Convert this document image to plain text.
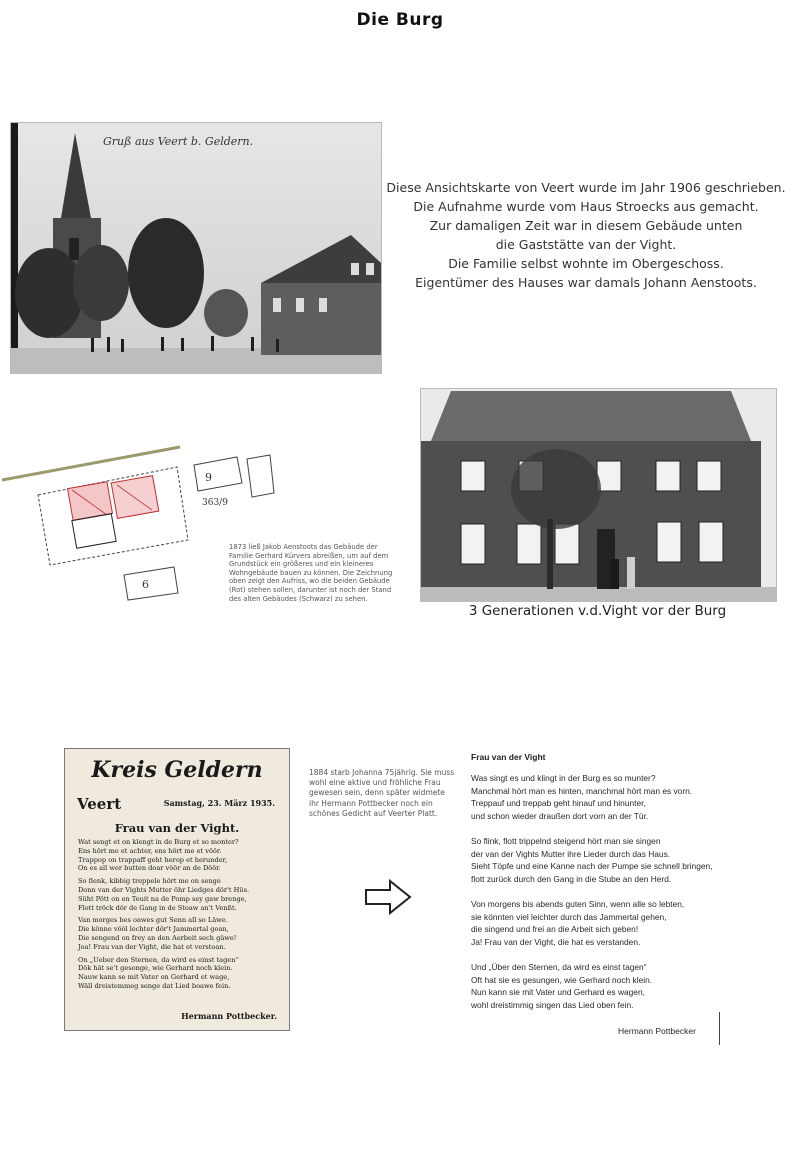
Die Burg
Gruß aus Veert b. Geldern.
Diese Ansichtskarte von Veert wurde im Jahr 1906 geschrieben.
Die Aufnahme wurde vom Haus Stroecks aus gemacht.
Zur damaligen Zeit war in diesem Gebäude unten
die Gaststätte van der Vight.
Die Familie selbst wohnte im Obergeschoss.
Eigentümer des Hauses war damals Johann Aenstoots.
9
363/9
6
1873 ließ Jakob Aenstoots das Gebäude der Familie Gerhard Kürvers abreißen, um auf dem Grundstück ein größeres und ein kleineres Wohngebäude bauen zu können. Die Zeichnung oben zeigt den Aufriss, wo die beiden Gebäude (Rot) stehen sollen, darunter ist noch der Stand des alten Gebäudes (Schwarz) zu sehen.
3 Generationen v.d.Vight vor der Burg
Kreis Geldern
Veert	Samstag, 23. März 1935.
Frau van der Vight.
Wat sengt et on klengt in de Burg et so monter?
Ens hört me et achter, ens hört me et vöör.
Trappop on trappaff geht herop et herunder,
On es all wer butten doar vöör an de Döör.
So flenk, kibbig treppele hört me on senge
Donn van der Vights Mutter öhr Liedges dör't Hüs.
Süht Pött on en Teuit na de Pomp sey gaw brenge,
Flott tröck dör de Gang in de Stoaw an't Venßt.
Van morges bes oawes gut Senn all so Läwe.
Die könne vööl lechter dör't Jammertal goan,
Die sengend on frey an den Aerbeit sech gäwe!
Joa! Frau van der Vight, die hat et verstoan.
On „Ueber den Sternen, da wird es einst tagen“
Dök hät se't gesonge, wie Gerhard noch klein.
Nauw kann se mit Vater on Gerhard et wage,
Wäll dreistemmeg senge dat Lied boawe fein.
Hermann Pottbecker.
1884 starb Johanna 75jährig. Sie muss wohl eine aktive und fröhliche Frau gewesen sein, denn später widmete ihr Hermann Pottbecker noch ein schönes Gedicht auf Veerter Platt.
Frau van der Vight
Was singt es und klingt in der Burg es so munter?
Manchmal hört man es hinten, manchmal hört man es vorn.
Treppauf und treppab geht hinauf und hinunter,
und schon wieder draußen dort vorn an der Tür.
So flink, flott trippelnd steigend hört man sie singen
der van der Vights Mutter ihre Lieder durch das Haus.
Sieht Töpfe und eine Kanne nach der Pumpe sie schnell bringen,
flott zurück durch den Gang in die Stube an den Herd.
Von morgens bis abends guten Sinn, wenn alle so lebten,
sie könnten viel leichter durch das Jammertal gehen,
die singend und frei an die Arbeit sich geben!
Ja! Frau van der Vight, die hat es verstanden.
Und „Über den Sternen, da wird es einst tagen“
Oft hat sie es gesungen, wie Gerhard noch klein.
Nun kann sie mit Vater und Gerhard es wagen,
wohl dreistimmig singen das Lied oben fein.
Hermann Pottbecker
